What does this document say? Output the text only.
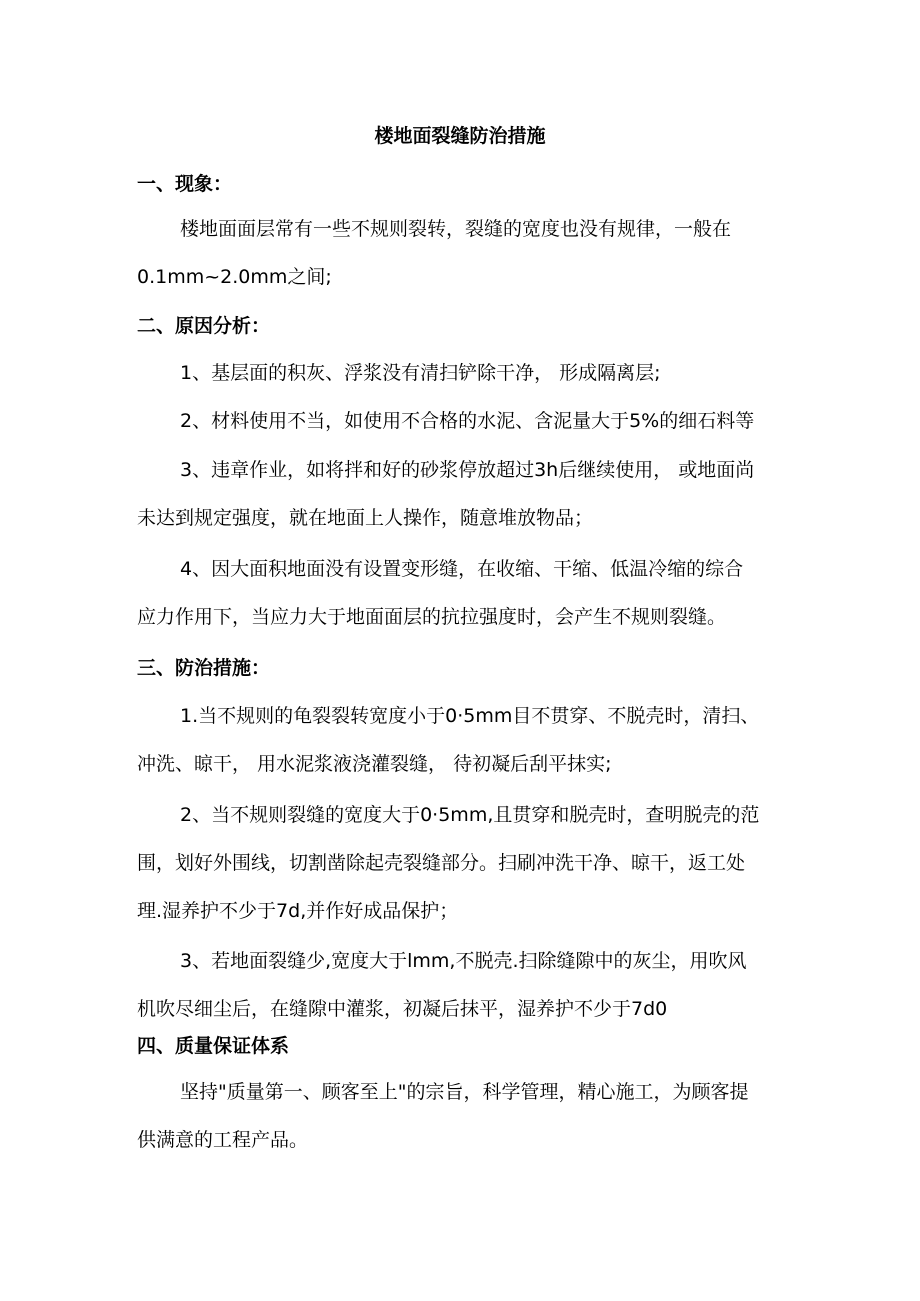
楼地面裂缝防治措施
一、现象：
楼地面面层常有一些不规则裂转，裂缝的宽度也没有规律，一般在
0.1mm~2.0mm之间;
二、原因分析：
1、基层面的积灰、浮浆没有清扫铲除干净， 形成隔离层;
2、材料使用不当，如使用不合格的水泥、含泥量大于5%的细石料等
3、违章作业，如将拌和好的砂浆停放超过3h后继续使用， 或地面尚
未达到规定强度，就在地面上人操作，随意堆放物品；
4、因大面积地面没有设置变形缝，在收缩、干缩、低温冷缩的综合
应力作用下，当应力大于地面面层的抗拉强度时，会产生不规则裂缝。
三、防治措施：
1.当不规则的龟裂裂转宽度小于0·5mm目不贯穿、不脱壳时，清扫、
冲洗、晾干， 用水泥浆液浇灌裂缝， 待初凝后刮平抹实;
2、当不规则裂缝的宽度大于0·5mm,且贯穿和脱壳时，查明脱壳的范
围，划好外围线，切割凿除起壳裂缝部分。扫刷冲洗干净、晾干，返工处
理.湿养护不少于7d,并作好成品保护；
3、若地面裂缝少,宽度大于lmm,不脱壳.扫除缝隙中的灰尘，用吹风
机吹尽细尘后，在缝隙中灌浆，初凝后抹平，湿养护不少于7d0
四、质量保证体系
坚持"质量第一、顾客至上"的宗旨，科学管理，精心施工，为顾客提
供满意的工程产品。
